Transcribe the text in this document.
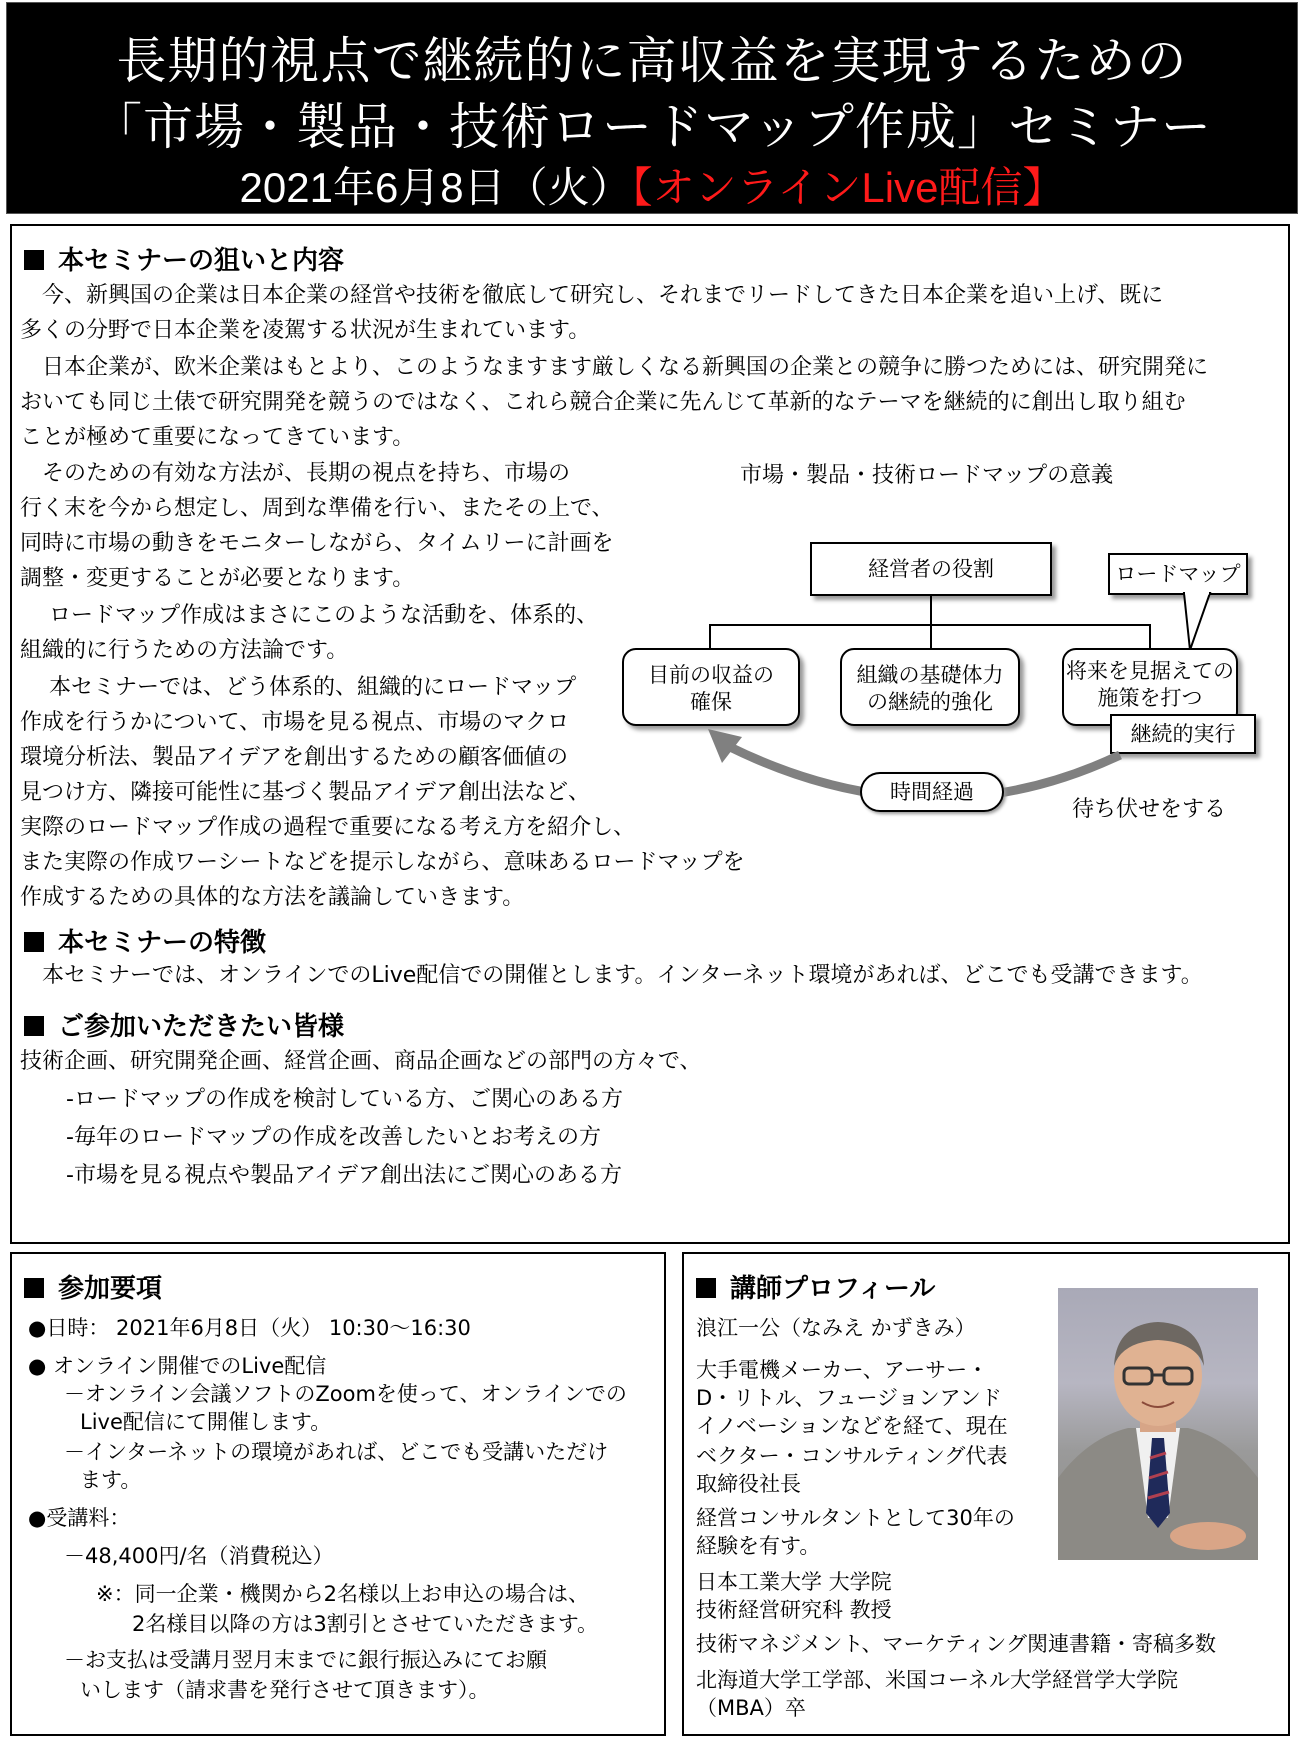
長期的視点で継続的に高収益を実現するための
「市場・製品・技術ロードマップ作成」セミナー
2021年6月8日（火）【オンラインLive配信】
本セミナーの狙いと内容
　今、新興国の企業は日本企業の経営や技術を徹底して研究し、それまでリードしてきた日本企業を追い上げ、既に
多くの分野で日本企業を凌駕する状況が生まれています。
　日本企業が、欧米企業はもとより、このようなますます厳しくなる新興国の企業との競争に勝つためには、研究開発に
おいても同じ土俵で研究開発を競うのではなく、これら競合企業に先んじて革新的なテーマを継続的に創出し取り組む
ことが極めて重要になってきています。
　そのための有効な方法が、長期の視点を持ち、市場の
行く末を今から想定し、周到な準備を行い、またその上で、
同時に市場の動きをモニターしながら、タイムリーに計画を
調整・変更することが必要となります。
　 ロードマップ作成はまさにこのような活動を、体系的、
組織的に行うための方法論です。
　 本セミナーでは、どう体系的、組織的にロードマップ
作成を行うかについて、市場を見る視点、市場のマクロ
環境分析法、製品アイデアを創出するための顧客価値の
見つけ方、隣接可能性に基づく製品アイデア創出法など、
実際のロードマップ作成の過程で重要になる考え方を紹介し、
また実際の作成ワーシートなどを提示しながら、意味あるロードマップを
作成するための具体的な方法を議論していきます。
市場・製品・技術ロードマップの意義
経営者の役割	ロードマップ
目前の収益の
確保
組織の基礎体力
の継続的強化
将来を見据えての
施策を打つ
継続的実行
時間経過
待ち伏せをする
本セミナーの特徴
　本セミナーでは、オンラインでのLive配信での開催とします。インターネット環境があれば、どこでも受講できます。
ご参加いただきたい皆様
技術企画、研究開発企画、経営企画、商品企画などの部門の方々で、
-ロードマップの作成を検討している方、ご関心のある方
-毎年のロードマップの作成を改善したいとお考えの方
-市場を見る視点や製品アイデア創出法にご関心のある方
参加要項
●日時： 2021年6月8日（火） 10:30～16:30
● オンライン開催でのLive配信
－オンライン会議ソフトのZoomを使って、オンラインでの
Live配信にて開催します。
－インターネットの環境があれば、どこでも受講いただけ
ます。
●受講料：
－48,400円/名（消費税込）
※：同一企業・機関から2名様以上お申込の場合は、
2名様目以降の方は3割引とさせていただきます。
－お支払は受講月翌月末までに銀行振込みにてお願
いします（請求書を発行させて頂きます）。
講師プロフィール
浪江一公（なみえ かずきみ）
大手電機メーカー、アーサー・
D・リトル、フュージョンアンド
イノベーションなどを経て、現在
ベクター・コンサルティング代表
取締役社長
経営コンサルタントとして30年の
経験を有す。
日本工業大学 大学院
技術経営研究科 教授
技術マネジメント、マーケティング関連書籍・寄稿多数
北海道大学工学部、米国コーネル大学経営学大学院
（MBA）卒
